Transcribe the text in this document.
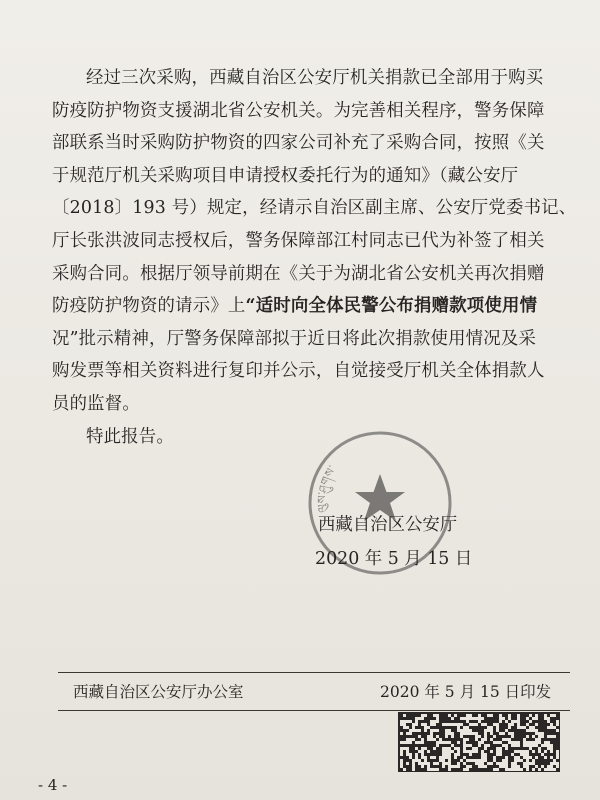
经过三次采购，西藏自治区公安厅机关捐款已全部用于购买
防疫防护物资支援湖北省公安机关。为完善相关程序，警务保障
部联系当时采购防护物资的四家公司补充了采购合同，按照《关
于规范厅机关采购项目申请授权委托行为的通知》（藏公安厅
〔2018〕193 号）规定，经请示自治区副主席、公安厅党委书记、
厅长张洪波同志授权后，警务保障部江村同志已代为补签了相关
采购合同。根据厅领导前期在《关于为湖北省公安机关再次捐赠
防疫防护物资的请示》上“适时向全体民警公布捐赠款项使用情
况”批示精神，厅警务保障部拟于近日将此次捐款使用情况及采
购发票等相关资料进行复印并公示，自觉接受厅机关全体捐款人
员的监督。
特此报告。
ལུས་ཤུགས་
西藏自治区公安厅
2020 年 5 月 15 日
西藏自治区公安厅办公室	2020 年 5 月 15 日印发
- 4 -
